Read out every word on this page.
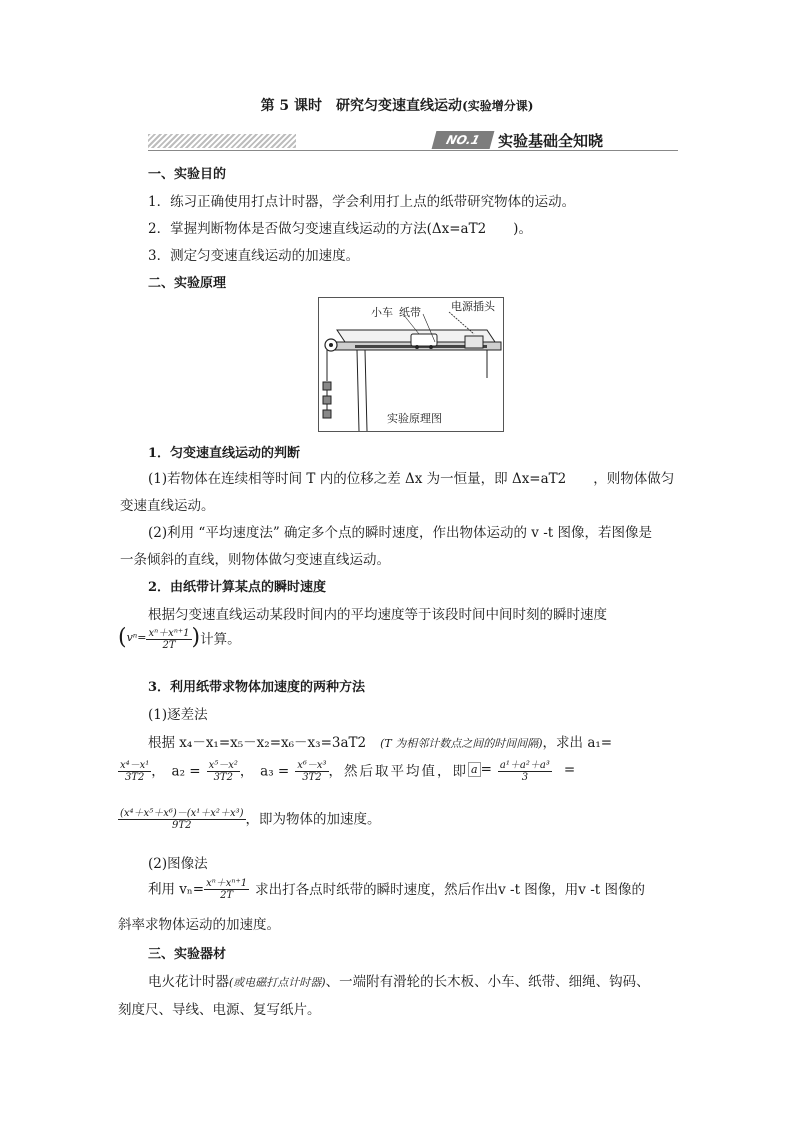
第 5 课时　研究匀变速直线运动(实验增分课)
NO.1	实验基础全知晓
一、实验目的
1．练习正确使用打点计时器，学会利用打上点的纸带研究物体的运动。
2．掌握判断物体是否做匀变速直线运动的方法(Δx=aT2　　)。
3．测定匀变速直线运动的加速度。
二、实验原理
小车 纸带	电源插头
实验原理图
1．匀变速直线运动的判断
(1)若物体在连续相等时间 T 内的位移之差 Δx 为一恒量，即 Δx=aT2　　，则物体做匀
变速直线运动。
(2)利用 “平均速度法” 确定多个点的瞬时速度，作出物体运动的 v -t 图像，若图像是
一条倾斜的直线，则物体做匀变速直线运动。
2．由纸带计算某点的瞬时速度
根据匀变速直线运动某段时间内的平均速度等于该段时间中间时刻的瞬时速度
($v^n= \frac{\text{xⁿ＋xⁿ⁺1}}{2T}$ )计算。
3．利用纸带求物体加速度的两种方法
(1)逐差法
根据 x₄－x₁=x₅－x₂=x₆－x₃=3aT2 (T 为相邻计数点之间的时间间隔)，求出 a₁=
$\frac{\text{x⁴－x¹}}{3T2}$ ，　$a_2 = \frac{\text{x⁵－x²}}{3T2}$ ，　$a_3 = \frac{\text{x⁶－x³}}{3T2}$ ，然后取平均值，即 $a = \frac{\text{a¹＋a²＋a³}}{3}$ =
$\frac{\text{(x⁴＋x⁵＋x⁶)－(x¹＋x²＋x³)}}{9T2}$ ，即为物体的加速度。
(2)图像法
利用 $v_n= \frac{\text{xⁿ＋xⁿ⁺1}}{2T}$ 求出打各点时纸带的瞬时速度，然后作出v -t 图像，用v -t 图像的
斜率求物体运动的加速度。
三、实验器材
电火花计时器(或电磁打点计时器)、一端附有滑轮的长木板、小车、纸带、细绳、钩码、
刻度尺、导线、电源、复写纸片。
